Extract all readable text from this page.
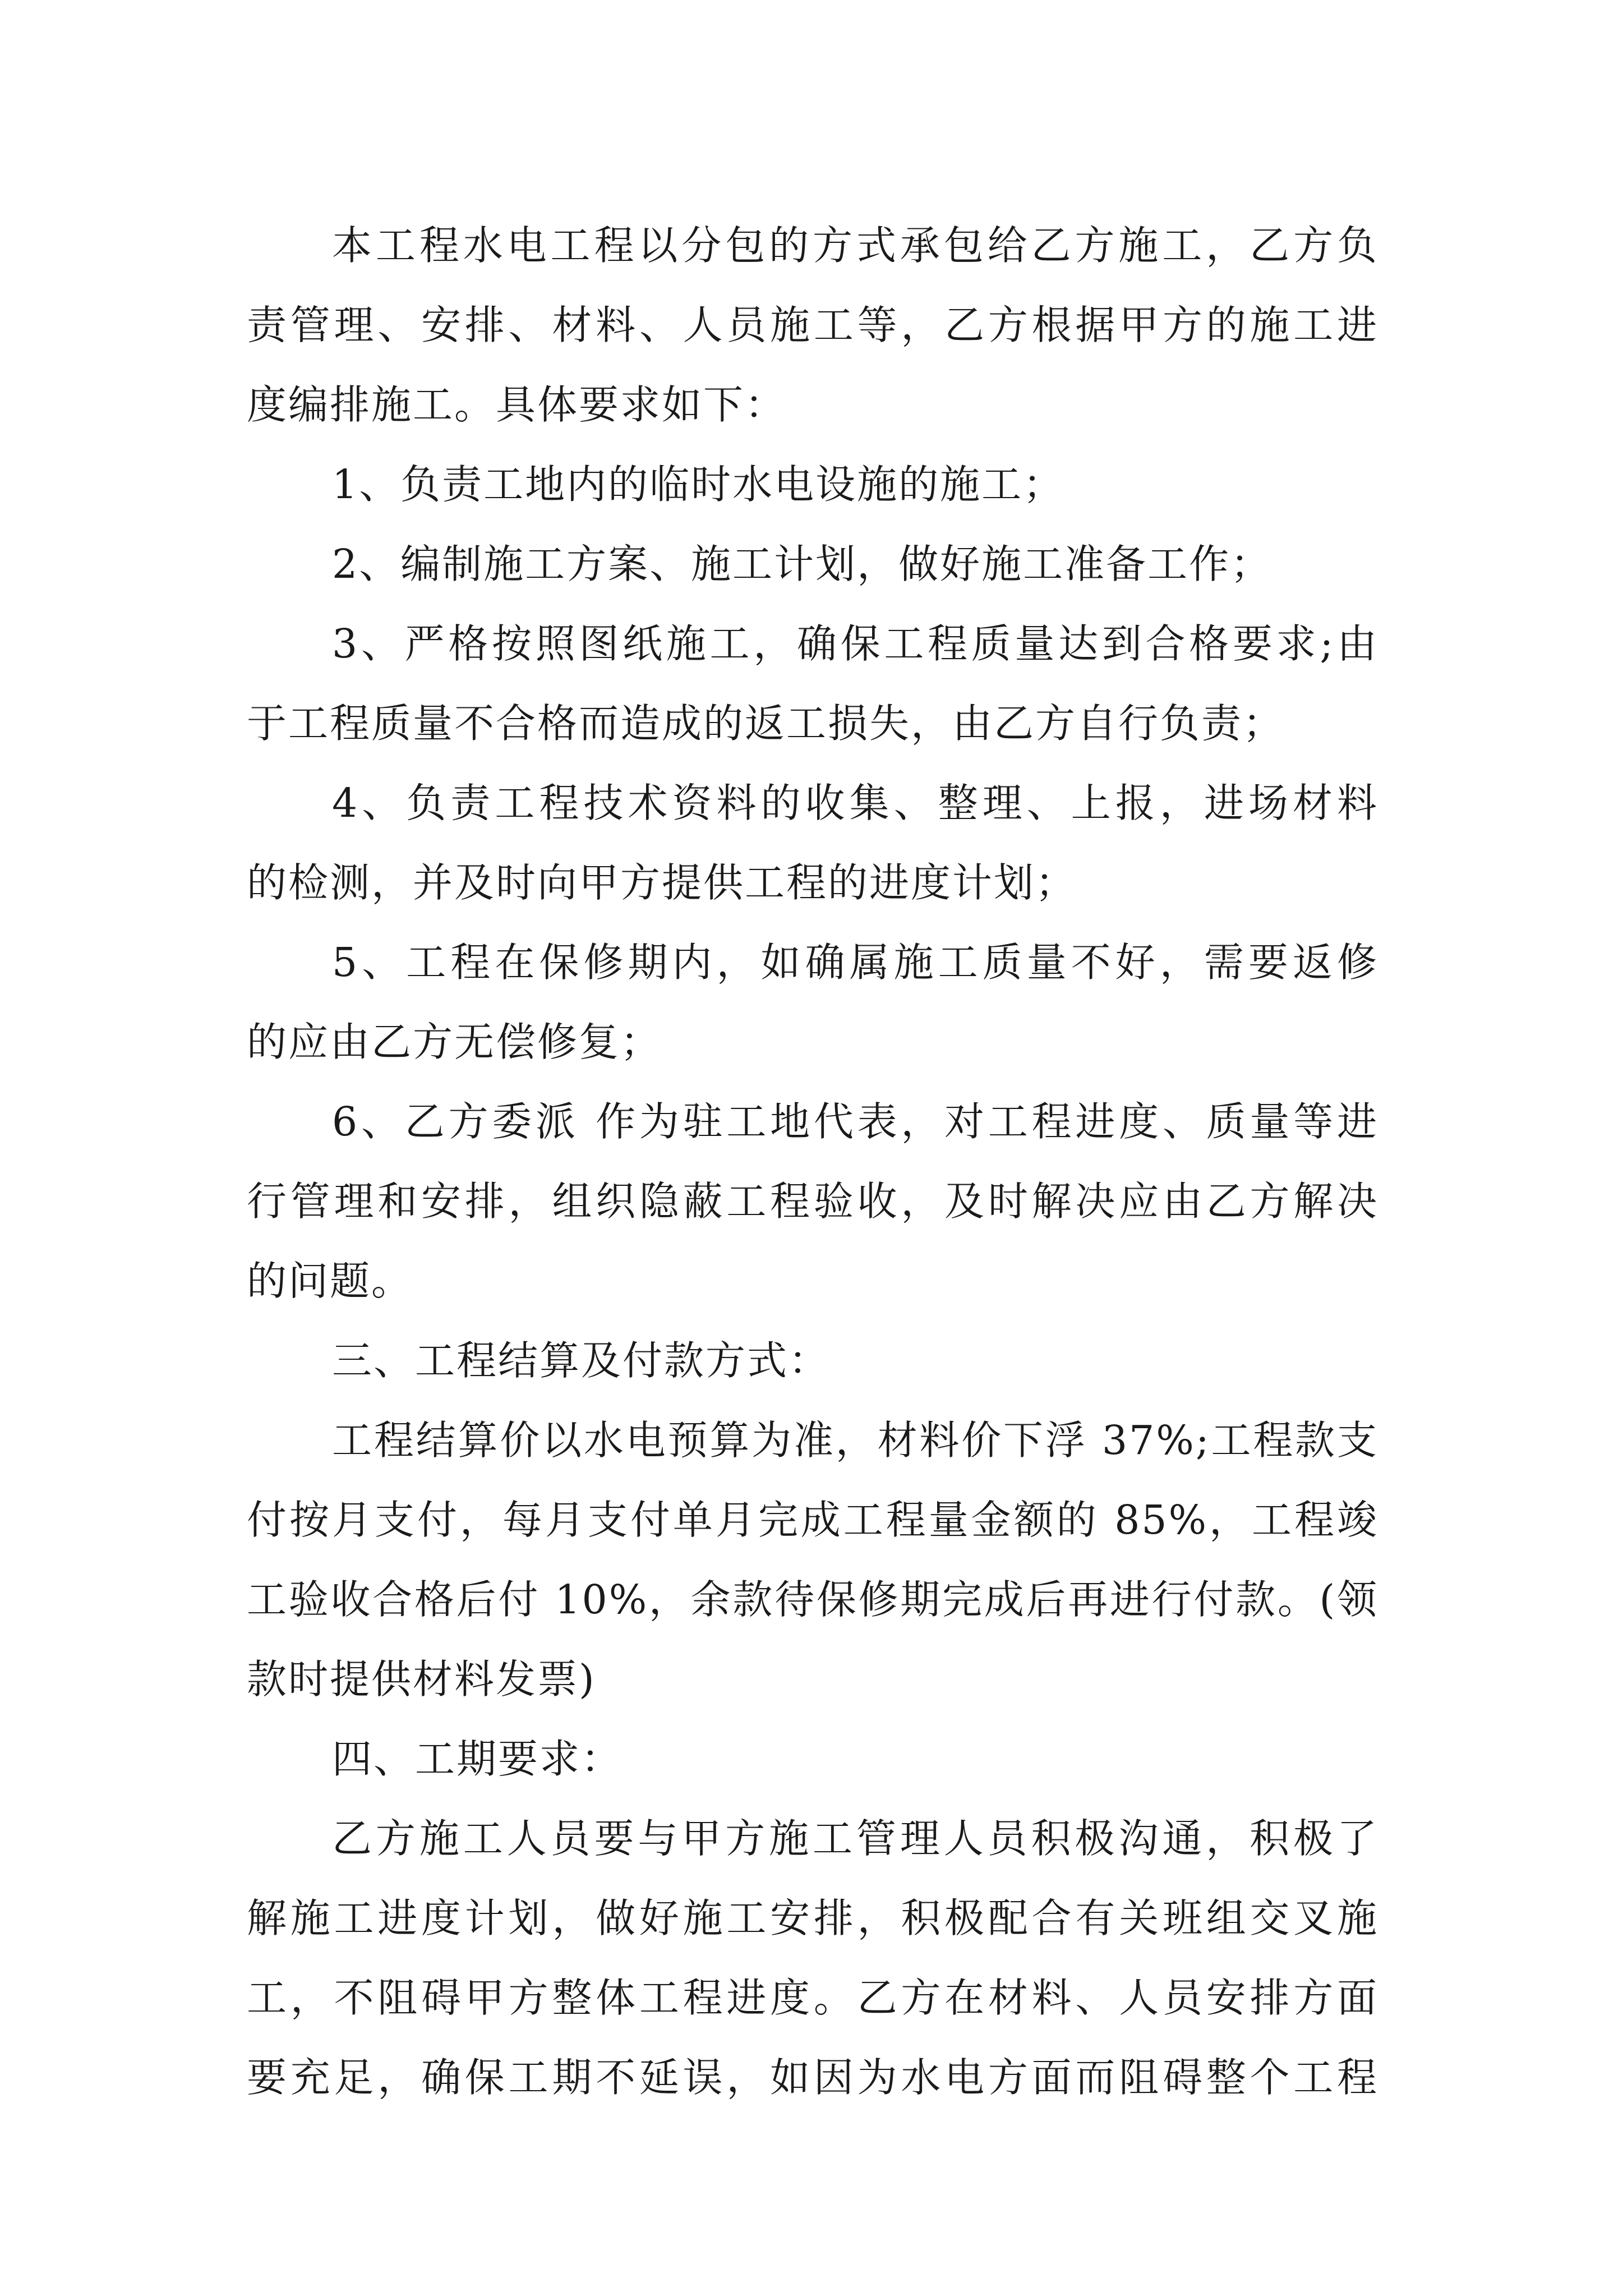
本工程水电工程以分包的方式承包给乙方施工，乙方负
责管理、安排、材料、人员施工等，乙方根据甲方的施工进
度编排施工。具体要求如下：
1、负责工地内的临时水电设施的施工；
2、编制施工方案、施工计划，做好施工准备工作；
3、严格按照图纸施工，确保工程质量达到合格要求;由
于工程质量不合格而造成的返工损失，由乙方自行负责；
4、负责工程技术资料的收集、整理、上报，进场材料
的检测，并及时向甲方提供工程的进度计划；
5、工程在保修期内，如确属施工质量不好，需要返修
的应由乙方无偿修复；
6、乙方委派 作为驻工地代表，对工程进度、质量等进
行管理和安排，组织隐蔽工程验收，及时解决应由乙方解决
的问题。
三、工程结算及付款方式：
工程结算价以水电预算为准，材料价下浮 37%;工程款支
付按月支付，每月支付单月完成工程量金额的 85%，工程竣
工验收合格后付 10%，余款待保修期完成后再进行付款。(领
款时提供材料发票)
四、工期要求：
乙方施工人员要与甲方施工管理人员积极沟通，积极了
解施工进度计划，做好施工安排，积极配合有关班组交叉施
工，不阻碍甲方整体工程进度。乙方在材料、人员安排方面
要充足，确保工期不延误，如因为水电方面而阻碍整个工程
